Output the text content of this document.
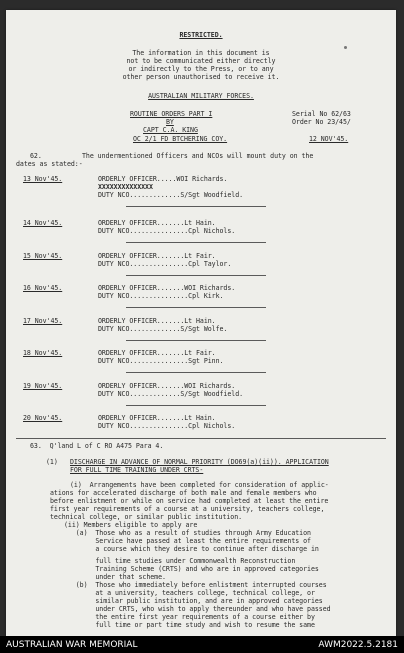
RESTRICTED.
The information in this document is
not to be communicated either directly
or indirectly to the Press, or to any
other person unauthorised to receive it.
AUSTRALIAN MILITARY FORCES.
ROUTINE ORDERS PART I
BY
CAPT C.A. KING
OC 2/1 FD BTCHERING COY.
Serial No 62/63
Order No 23/45/
12 NOV'45.
62.	The undermentioned Officers and NCOs will mount duty on the
dates as stated:-
13 Nov'45.	ORDERLY OFFICER.....WOI Richards.
XXXXXXXXXXXXXX
DUTY NCO.............S/Sgt Woodfield.
14 Nov'45.	ORDERLY OFFICER.......Lt Hain.
DUTY NCO...............Cpl Nichols.
15 Nov'45.	ORDERLY OFFICER.......Lt Fair.
DUTY NCO...............Cpl Taylor.
16 Nov'45.	ORDERLY OFFICER.......WOI Richards.
DUTY NCO...............Cpl Kirk.
17 Nov'45.	ORDERLY OFFICER.......Lt Hain.
DUTY NCO.............S/Sgt Wolfe.
18 Nov'45.	ORDERLY OFFICER.......Lt Fair.
DUTY NCO...............Sgt Pinn.
19 Nov'45.	ORDERLY OFFICER.......WOI Richards.
DUTY NCO.............S/Sgt Woodfield.
20 Nov'45.	ORDERLY OFFICER.......Lt Hain.
DUTY NCO...............Cpl Nichols.
63.  Q'land L of C RO A475 Para 4.
(1) DISCHARGE IN ADVANCE OF NORMAL PRIORITY (DO69(a)(ii)). APPLICATION
FOR FULL TIME TRAINING UNDER CRTS-
(i)  Arrangements have been completed for consideration of applic-
ations for accelerated discharge of both male and female members who
before enlistment or while on service had completed at least the entire
first year requirements of a course at a university, teachers college,
technical college, or similar public institution.
(ii) Members eligible to apply are
(a)  Those who as a result of studies through Army Education
Service have passed at least the entire requirements of
a course which they desire to continue after discharge in
full time studies under Commonwealth Reconstruction
Training Scheme (CRTS) and who are in approved categories
under that scheme.
(b)  Those who immediately before enlistment interrupted courses
at a university, teachers college, technical college, or
similar public institution, and are in approved categories
under CRTS, who wish to apply thereunder and who have passed
the entire first year requirements of a course either by
full time or part time study and wish to resume the same
AUSTRALIAN WAR MEMORIAL	AWM2022.5.2181
